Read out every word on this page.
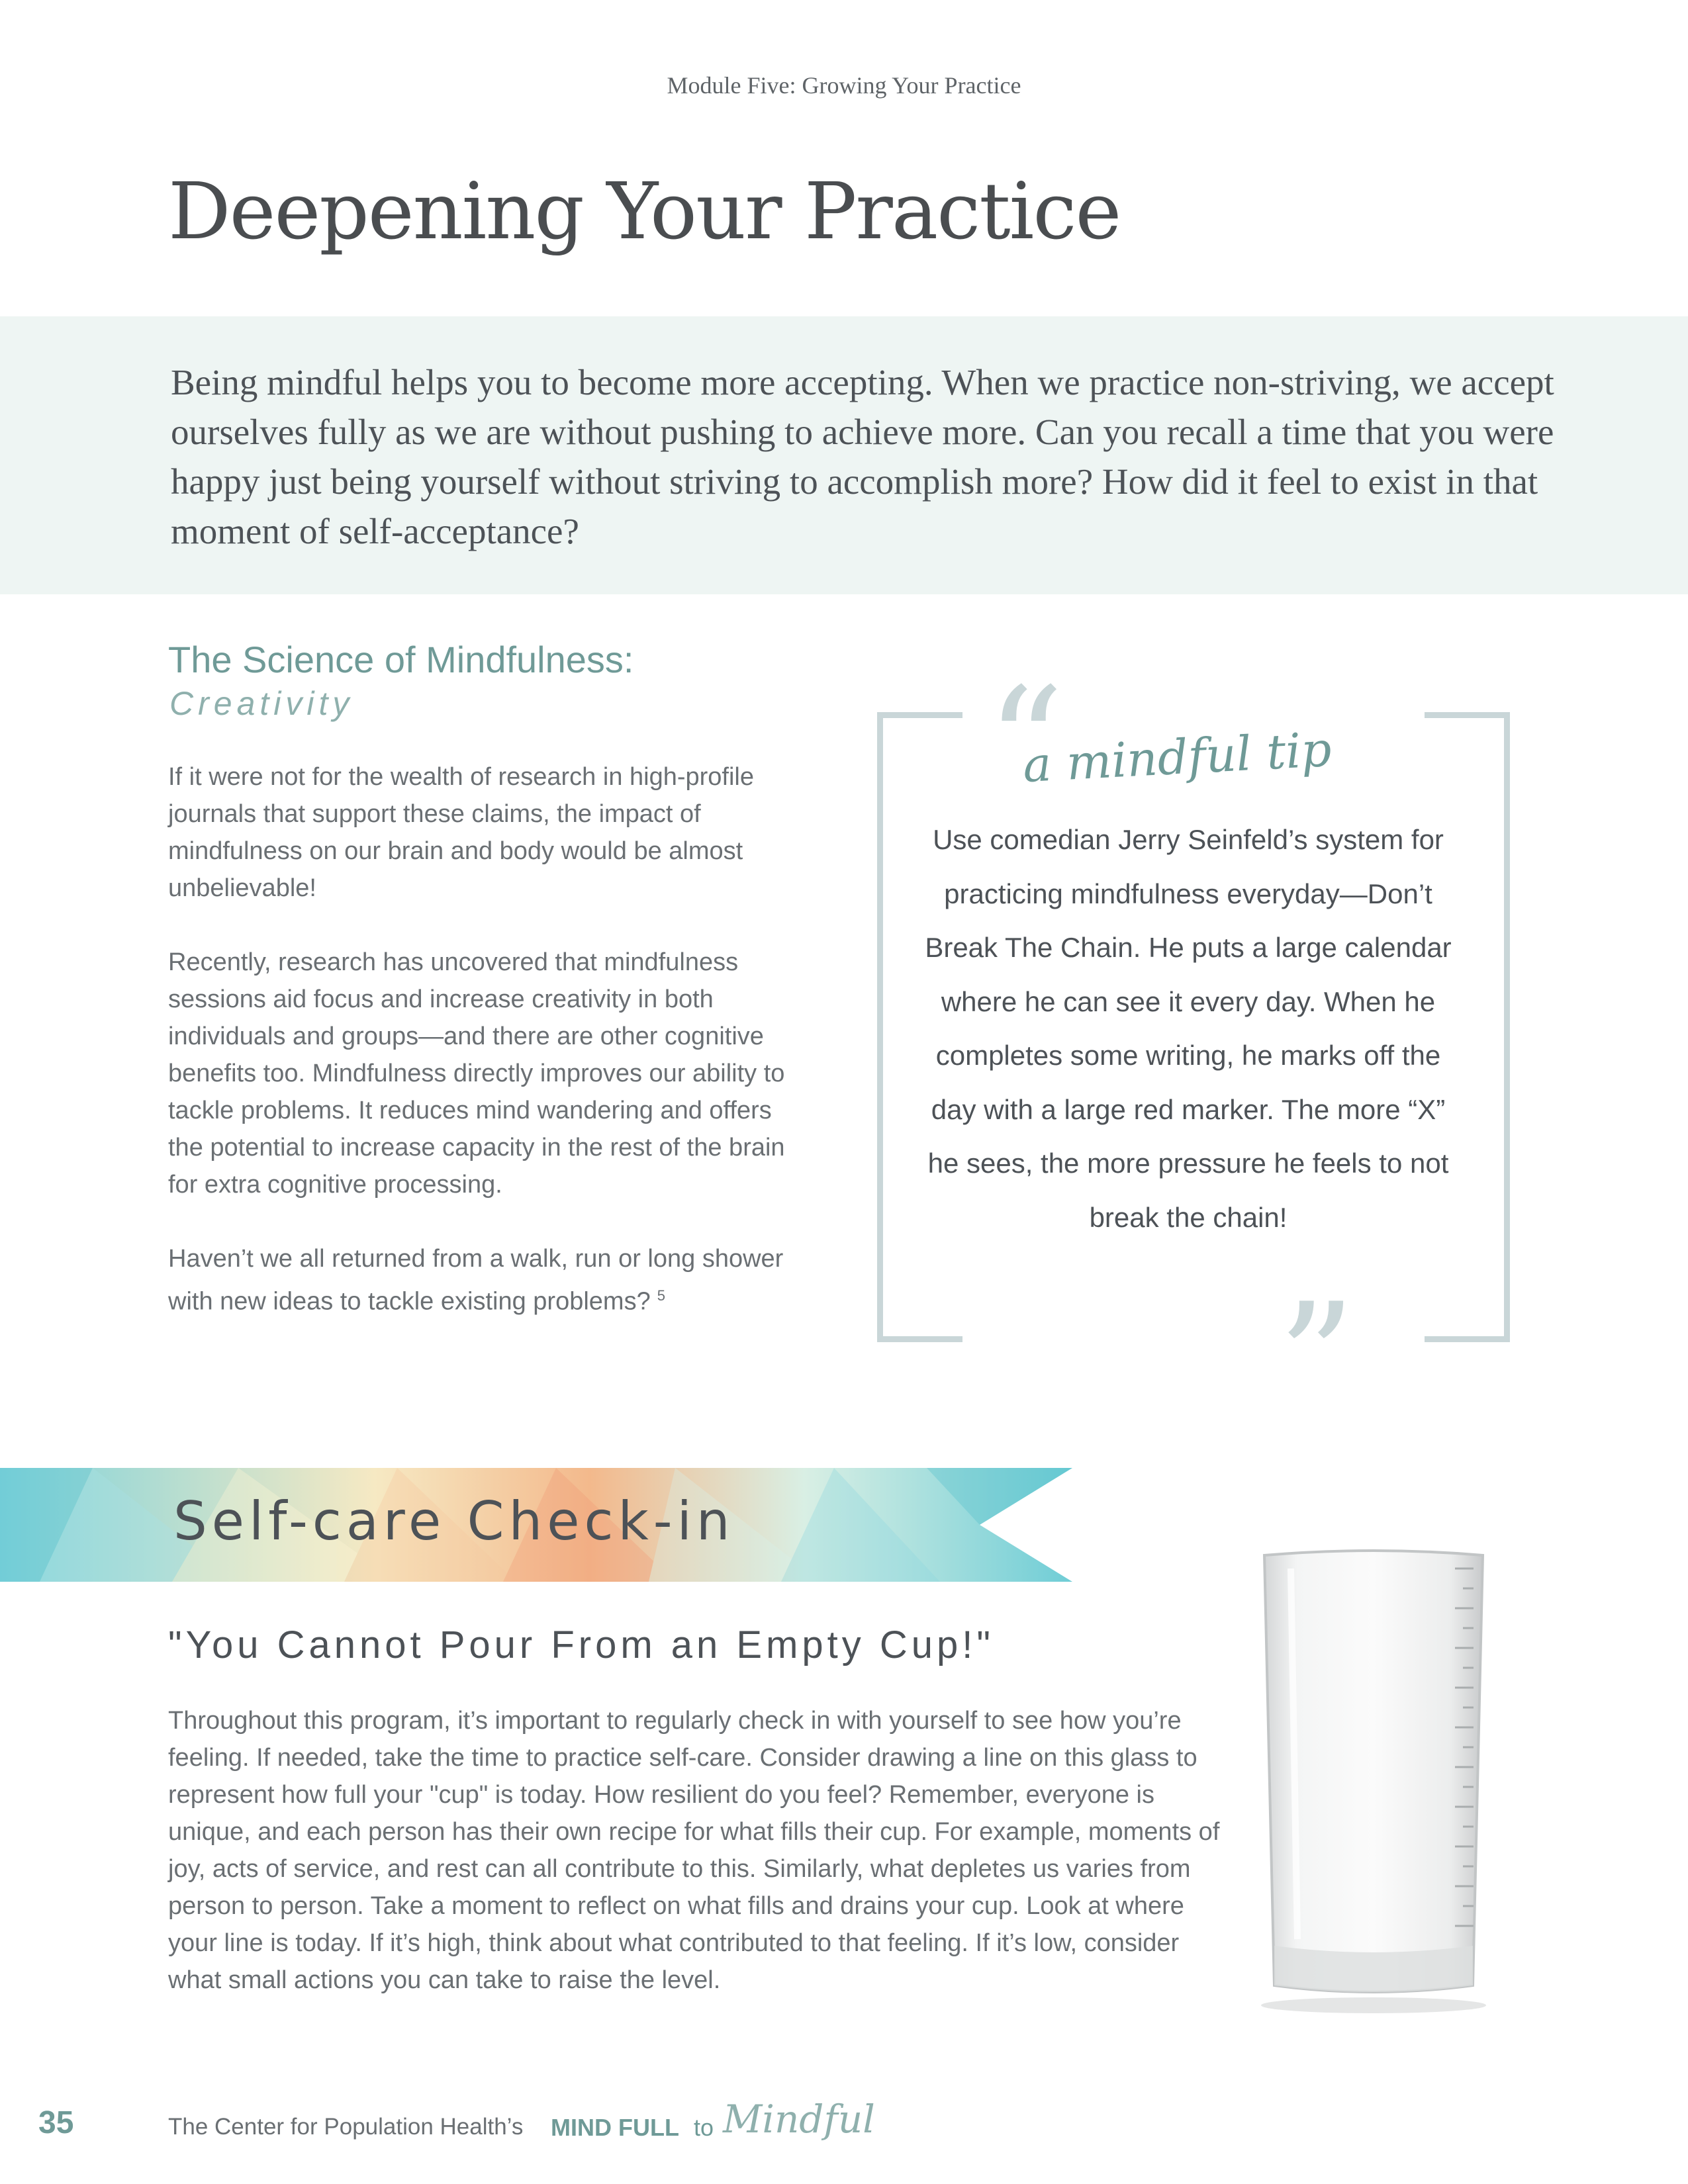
Module Five: Growing Your Practice
Deepening Your Practice
Being mindful helps you to become more accepting. When we practice non-striving, we accept ourselves fully as we are without pushing to achieve more. Can you recall a time that you were happy just being yourself without striving to accomplish more? How did it feel to exist in that moment of self-acceptance?
The Science of Mindfulness:
Creativity
If it were not for the wealth of research in high-profile journals that support these claims, the impact of mindfulness on our brain and body would be almost unbelievable!
Recently, research has uncovered that mindfulness sessions aid focus and increase creativity in both individuals and groups—and there are other cognitive benefits too. Mindfulness directly improves our ability to tackle problems. It reduces mind wandering and offers the potential to increase capacity in the rest of the brain for extra cognitive processing.
Haven’t we all returned from a walk, run or long shower with new ideas to tackle existing problems? $^5$
“
”
a mindful tip
Use comedian Jerry Seinfeld’s system for practicing mindfulness everyday—Don’t Break The Chain. He puts a large calendar where he can see it every day. When he completes some writing, he marks off the day with a large red marker. The more “X” he sees, the more pressure he feels to not break the chain!
Self-care Check-in
"You Cannot Pour From an Empty Cup!"
Throughout this program, it’s important to regularly check in with yourself to see how you’re feeling. If needed, take the time to practice self-care. Consider drawing a line on this glass to represent how full your "cup" is today. How resilient do you feel? Remember, everyone is unique, and each person has their own recipe for what fills their cup. For example, moments of joy, acts of service, and rest can all contribute to this. Similarly, what depletes us varies from person to person. Take a moment to reflect on what fills and drains your cup. Look at where your line is today. If it’s high, think about what contributed to that feeling. If it’s low, consider what small actions you can take to raise the level.
35	The Center for Population Health’s MIND FULL to Mindful
